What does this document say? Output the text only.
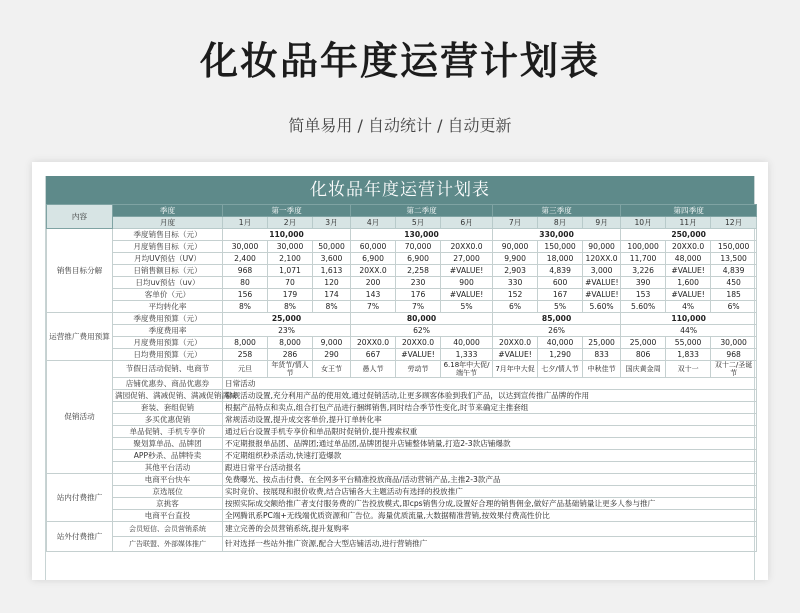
化妆品年度运营计划表
简单易用 / 自动统计 / 自动更新
化妆品年度运营计划表
内容	季度	第一季度			第二季度			第三季度			第四季度		
	月度	1月	2月	3月	4月	5月	6月	7月	8月	9月	10月	11月	12月
销售目标分解	季度销售目标（元）	110,000			130,000			330,000			250,000		
	月度销售目标（元）	30,000	30,000	50,000	60,000	70,000	20XX0.0	90,000	150,000	90,000	100,000	20XX0.0	150,000
	月均UV预估（UV）	2,400	2,100	3,600	6,900	6,900	27,000	9,900	18,000	120XX.0	11,700	48,000	13,500
	日销售额目标（元）	968	1,071	1,613	20XX.0	2,258	#VALUE!	2,903	4,839	3,000	3,226	#VALUE!	4,839
	日均uv预估（uv）	80	70	120	200	230	900	330	600	#VALUE!	390	1,600	450
	客单价（元）	156	179	174	143	176	#VALUE!	152	167	#VALUE!	153	#VALUE!	185
	平均转化率	8%	8%	8%	7%	7%	5%	6%	5%	5.60%	5.60%	4%	6%
运营推广费用预算	季度费用预算（元）	25,000			80,000			85,000			110,000		
	季度费用率	23%			62%			26%			44%		
	月度费用预算（元）	8,000	8,000	9,000	20XX0.0	20XX0.0	40,000	20XX0.0	40,000	25,000	25,000	55,000	30,000
	日均费用预算（元）	258	286	290	667	#VALUE!	1,333	#VALUE!	1,290	833	806	1,833	968
促销活动	节假日活动促销、电商节	元旦	年货节/情人节	女王节	愚人节	劳动节	6.18年中大促/端午节	7月年中大促	七夕/情人节	中秋佳节	国庆黄金周	双十一	双十二/圣诞节
	店铺优惠券、商品优惠券	日常活动											
	满园促销、满减促销、满减促销满减	常规活动设置,充分利用产品的使用效,通过促销活动,让更多顾客体验到我们产品，以达到宣传推广品牌的作用											
	套装、套组促销	根据产品特点和卖点,组合打包产品进行捆绑销售,同时结合季节性变化,时节来确定主推套组											
	多买优惠促销	常规活动设置,提升成交客单价,提升订单转化率											
	单品促销、手机专享价	通过后台设置手机专享价和单品限时促销价,提升搜索权重											
	聚划算单品、品牌团	不定期报报单品团、品牌团;通过单品团,品牌团提升店铺整体销量,打造2-3款店铺爆款											
	APP秒杀、品牌特卖	不定期组织秒杀活动,快速打造爆款											
	其他平台活动	跟进日常平台活动报名											
站内付费推广	电商平台快车	免费曝光、按点击付费、在全网多平台精准投放商品/活动营销产品,主推2-3款产品											
	京选展位	实时竞价、按展现和报价收费,结合店铺各大主题活动有选择的投放推广											
	京挑客	按照实际成交额给推广者支付服务费的广告投放模式,即cps销售分成,设置好合理的销售佣金,做好产品基础销量让更多人参与推广											
	电商平台直投	全网腾讯系PC端+无线端优质资源和广告位。海量优质流量,大数据精准营销,按效果付费高性价比											
站外付费推广	会员短信、会员营销系统	建立完善的会员营销系统,提升复购率											
	广告联盟、外部媒体推广	针对选择一些站外推广资源,配合大型店铺活动,进行营销推广											
